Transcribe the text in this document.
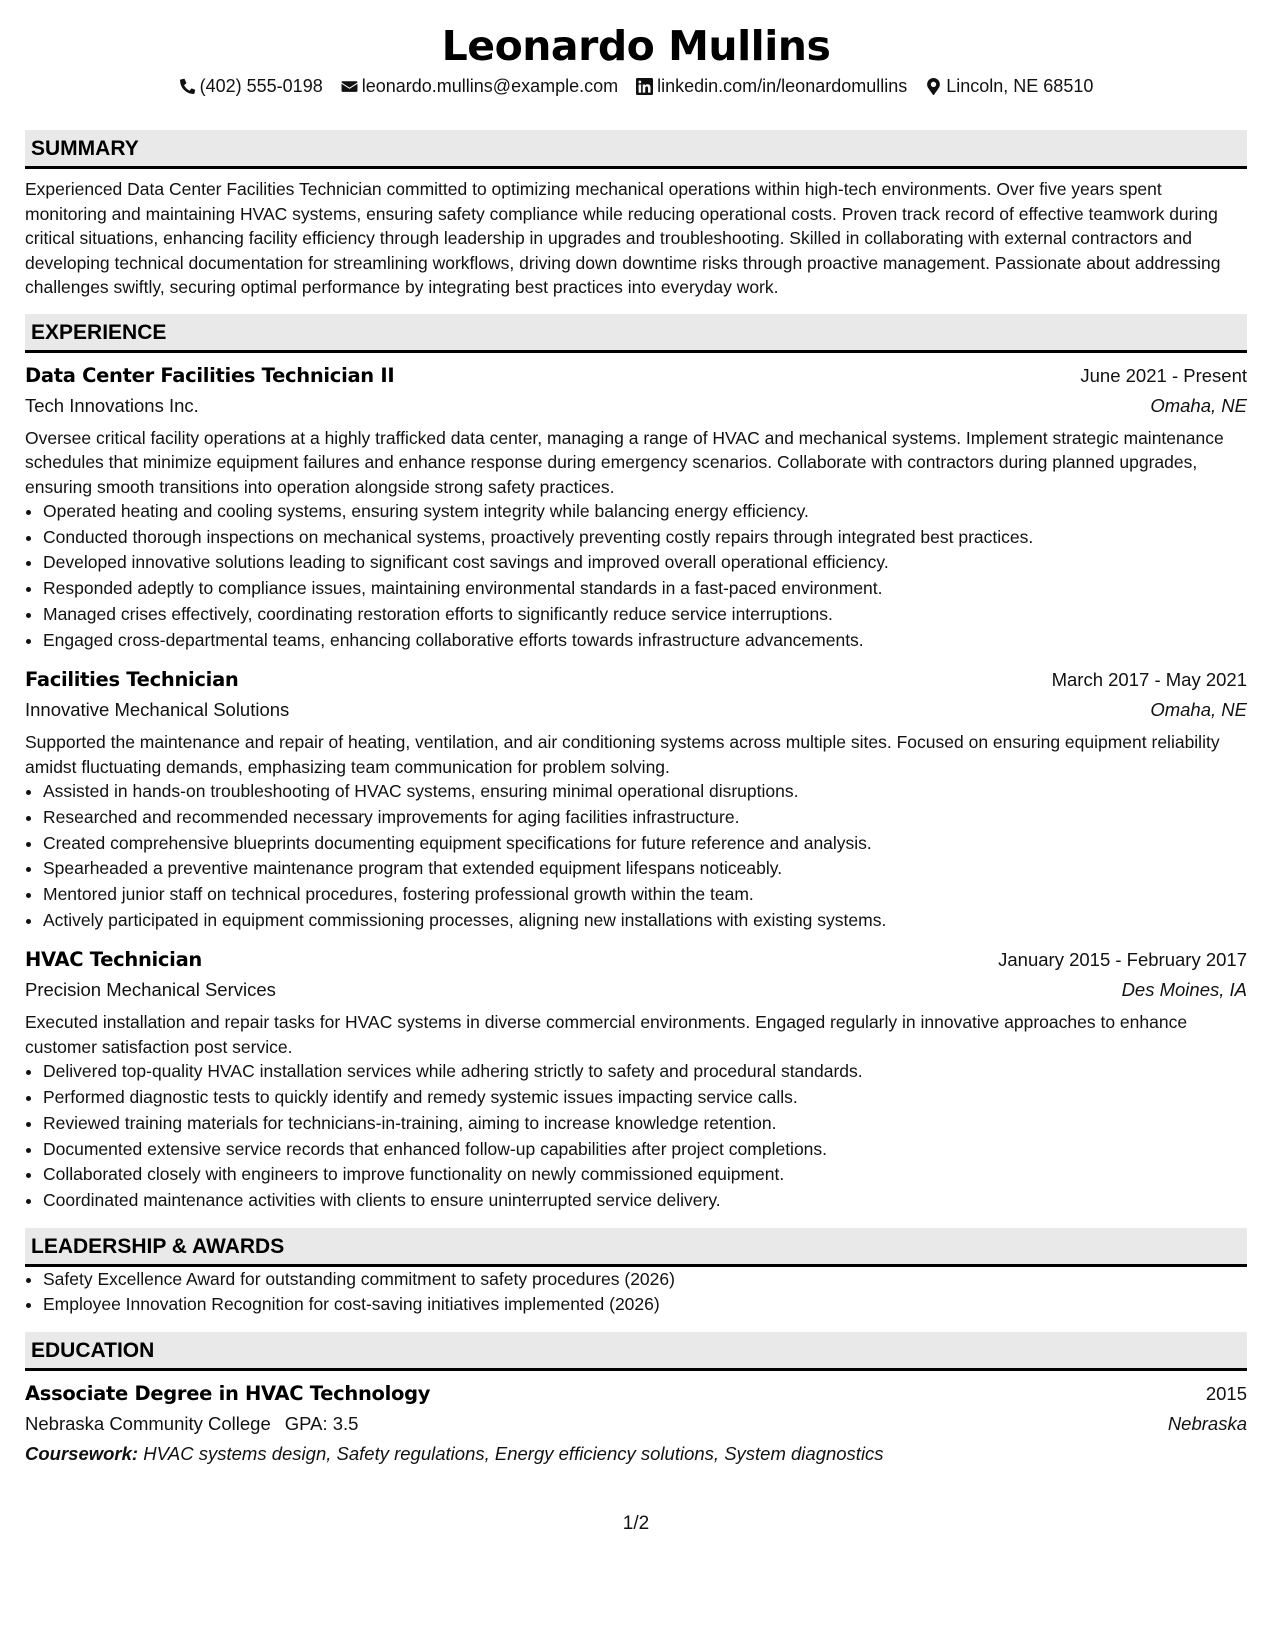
Leonardo Mullins
(402) 555-0198 leonardo.mullins@example.com linkedin.com/in/leonardomullins Lincoln, NE 68510
SUMMARY
Experienced Data Center Facilities Technician committed to optimizing mechanical operations within high-tech environments. Over five years spent monitoring and maintaining HVAC systems, ensuring safety compliance while reducing operational costs. Proven track record of effective teamwork during critical situations, enhancing facility efficiency through leadership in upgrades and troubleshooting. Skilled in collaborating with external contractors and developing technical documentation for streamlining workflows, driving down downtime risks through proactive management. Passionate about addressing challenges swiftly, securing optimal performance by integrating best practices into everyday work.
EXPERIENCE
Data Center Facilities Technician II	June 2021 - Present
Tech Innovations Inc.	Omaha, NE
Oversee critical facility operations at a highly trafficked data center, managing a range of HVAC and mechanical systems. Implement strategic maintenance schedules that minimize equipment failures and enhance response during emergency scenarios. Collaborate with contractors during planned upgrades, ensuring smooth transitions into operation alongside strong safety practices.
• Operated heating and cooling systems, ensuring system integrity while balancing energy efficiency.
• Conducted thorough inspections on mechanical systems, proactively preventing costly repairs through integrated best practices.
• Developed innovative solutions leading to significant cost savings and improved overall operational efficiency.
• Responded adeptly to compliance issues, maintaining environmental standards in a fast-paced environment.
• Managed crises effectively, coordinating restoration efforts to significantly reduce service interruptions.
• Engaged cross-departmental teams, enhancing collaborative efforts towards infrastructure advancements.
Facilities Technician	March 2017 - May 2021
Innovative Mechanical Solutions	Omaha, NE
Supported the maintenance and repair of heating, ventilation, and air conditioning systems across multiple sites. Focused on ensuring equipment reliability amidst fluctuating demands, emphasizing team communication for problem solving.
• Assisted in hands-on troubleshooting of HVAC systems, ensuring minimal operational disruptions.
• Researched and recommended necessary improvements for aging facilities infrastructure.
• Created comprehensive blueprints documenting equipment specifications for future reference and analysis.
• Spearheaded a preventive maintenance program that extended equipment lifespans noticeably.
• Mentored junior staff on technical procedures, fostering professional growth within the team.
• Actively participated in equipment commissioning processes, aligning new installations with existing systems.
HVAC Technician	January 2015 - February 2017
Precision Mechanical Services	Des Moines, IA
Executed installation and repair tasks for HVAC systems in diverse commercial environments. Engaged regularly in innovative approaches to enhance customer satisfaction post service.
• Delivered top-quality HVAC installation services while adhering strictly to safety and procedural standards.
• Performed diagnostic tests to quickly identify and remedy systemic issues impacting service calls.
• Reviewed training materials for technicians-in-training, aiming to increase knowledge retention.
• Documented extensive service records that enhanced follow-up capabilities after project completions.
• Collaborated closely with engineers to improve functionality on newly commissioned equipment.
• Coordinated maintenance activities with clients to ensure uninterrupted service delivery.
LEADERSHIP & AWARDS
• Safety Excellence Award for outstanding commitment to safety procedures (2026)
• Employee Innovation Recognition for cost-saving initiatives implemented (2026)
EDUCATION
Associate Degree in HVAC Technology	2015
Nebraska Community College GPA: 3.5	Nebraska
Coursework: HVAC systems design, Safety regulations, Energy efficiency solutions, System diagnostics
1/2
